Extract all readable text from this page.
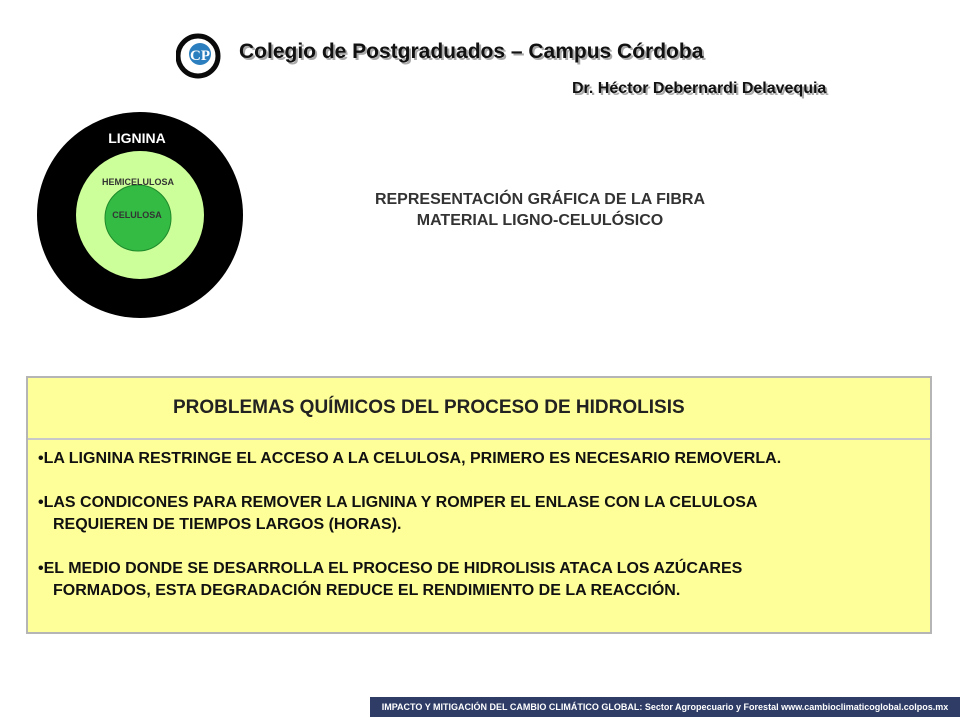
CP Colegio de Postgraduados – Campus Córdoba
Dr. Héctor Debernardi Delavequia
LIGNINA
HEMICELULOSA
CELULOSA
REPRESENTACIÓN GRÁFICA DE LA FIBRA
MATERIAL LIGNO-CELULÓSICO
PROBLEMAS QUÍMICOS DEL PROCESO DE HIDROLISIS
•LA LIGNINA RESTRINGE EL ACCESO A LA CELULOSA, PRIMERO ES NECESARIO REMOVERLA.
•LAS CONDICONES PARA REMOVER LA LIGNINA Y ROMPER EL ENLASE CON LA CELULOSA
REQUIEREN DE TIEMPOS LARGOS (HORAS).
•EL MEDIO DONDE SE DESARROLLA EL PROCESO DE HIDROLISIS ATACA LOS AZÚCARES
FORMADOS, ESTA DEGRADACIÓN REDUCE EL RENDIMIENTO DE LA REACCIÓN.
IMPACTO Y MITIGACIÓN DEL CAMBIO CLIMÁTICO GLOBAL: Sector Agropecuario y Forestal www.cambioclimaticoglobal.colpos.mx
